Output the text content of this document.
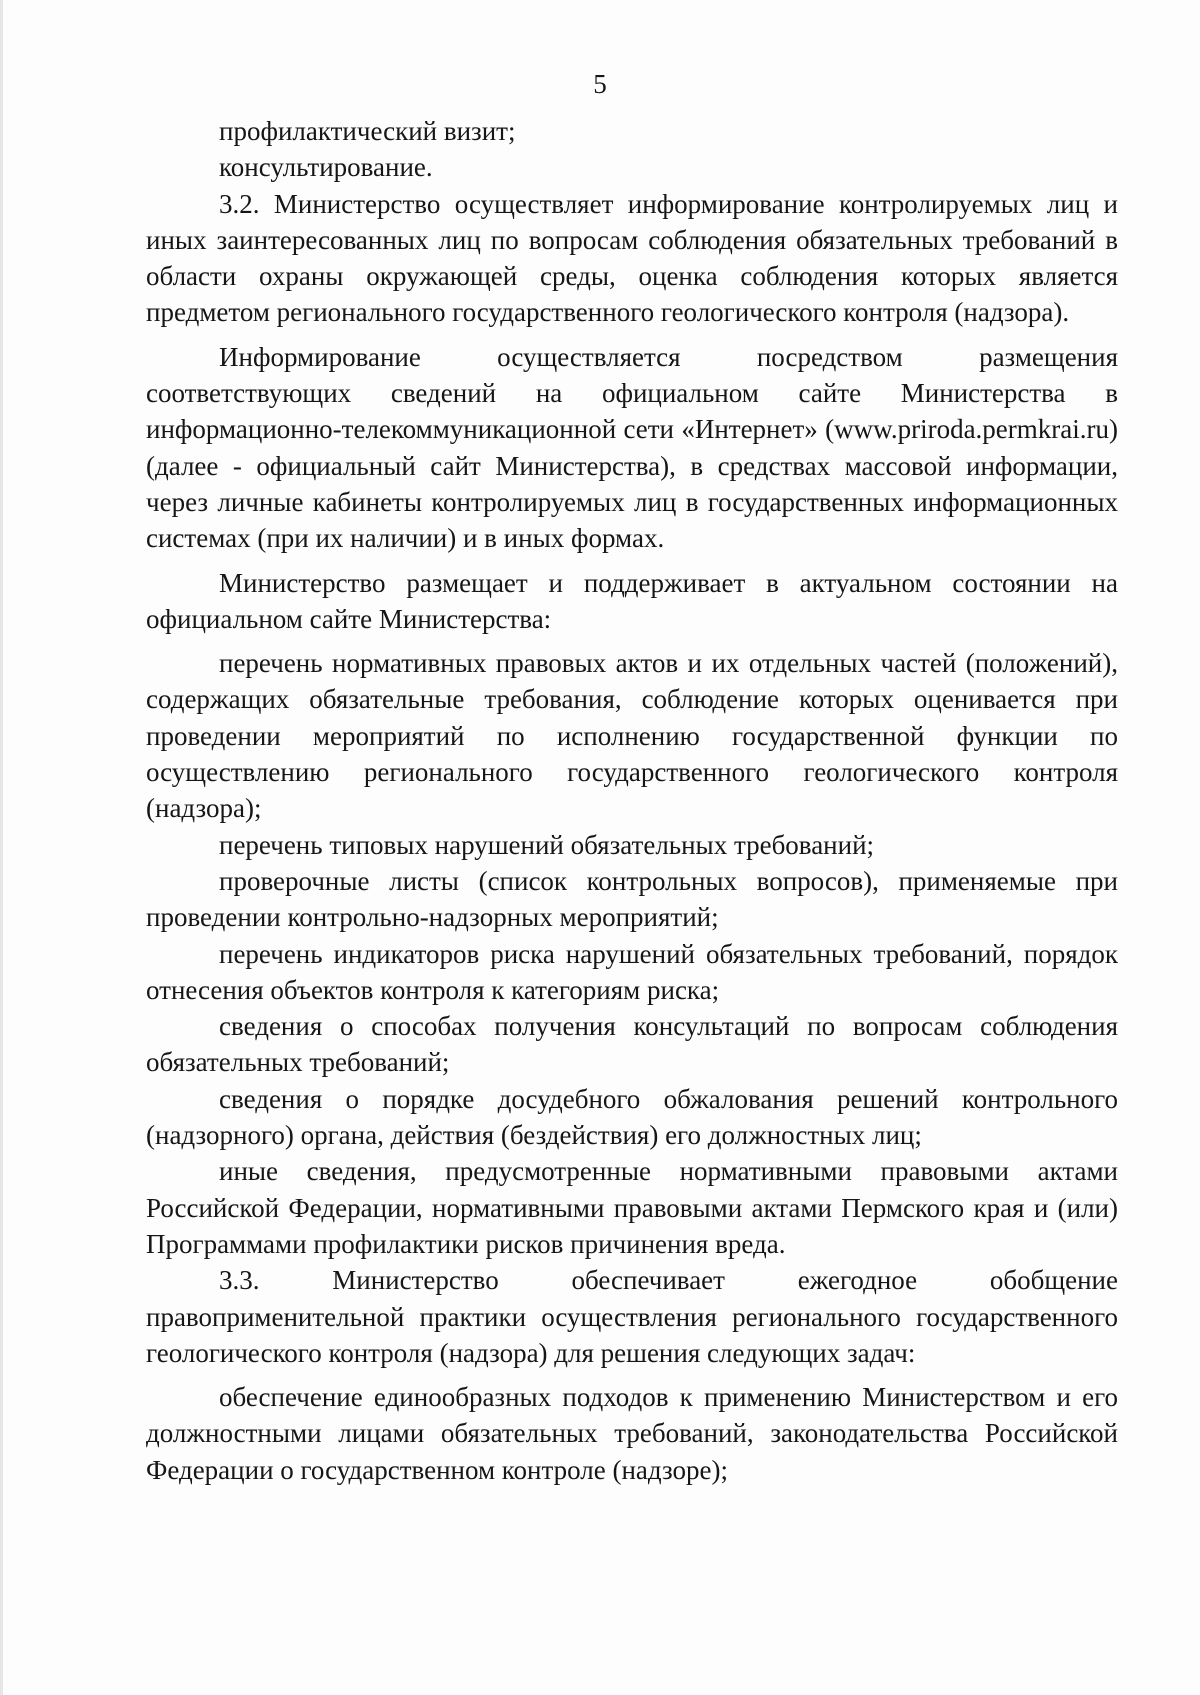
5

профилактический визит;

консультирование.

3.2. Министерство осуществляет информирование контролируемых лиц и иных заинтересованных лиц по вопросам соблюдения обязательных требований в области охраны окружающей среды, оценка соблюдения которых является предметом регионального государственного геологического контроля (надзора).

Информирование осуществляется посредством размещения соответствующих сведений на официальном сайте Министерства в информационно-телекоммуникационной сети «Интернет» (www.priroda.permkrai.ru) (далее - официальный сайт Министерства), в средствах массовой информации, через личные кабинеты контролируемых лиц в государственных информационных системах (при их наличии) и в иных формах.

Министерство размещает и поддерживает в актуальном состоянии на официальном сайте Министерства:

перечень нормативных правовых актов и их отдельных частей (положений), содержащих обязательные требования, соблюдение которых оценивается при проведении мероприятий по исполнению государственной функции по осуществлению регионального государственного геологического контроля (надзора);

перечень типовых нарушений обязательных требований;

проверочные листы (список контрольных вопросов), применяемые при проведении контрольно-надзорных мероприятий;

перечень индикаторов риска нарушений обязательных требований, порядок отнесения объектов контроля к категориям риска;

сведения о способах получения консультаций по вопросам соблюдения обязательных требований;

сведения о порядке досудебного обжалования решений контрольного (надзорного) органа, действия (бездействия) его должностных лиц;

иные сведения, предусмотренные нормативными правовыми актами Российской Федерации, нормативными правовыми актами Пермского края и (или) Программами профилактики рисков причинения вреда.

3.3. Министерство обеспечивает ежегодное обобщение правоприменительной практики осуществления регионального государственного геологического контроля (надзора) для решения следующих задач:

обеспечение единообразных подходов к применению Министерством и его должностными лицами обязательных требований, законодательства Российской Федерации о государственном контроле (надзоре);
